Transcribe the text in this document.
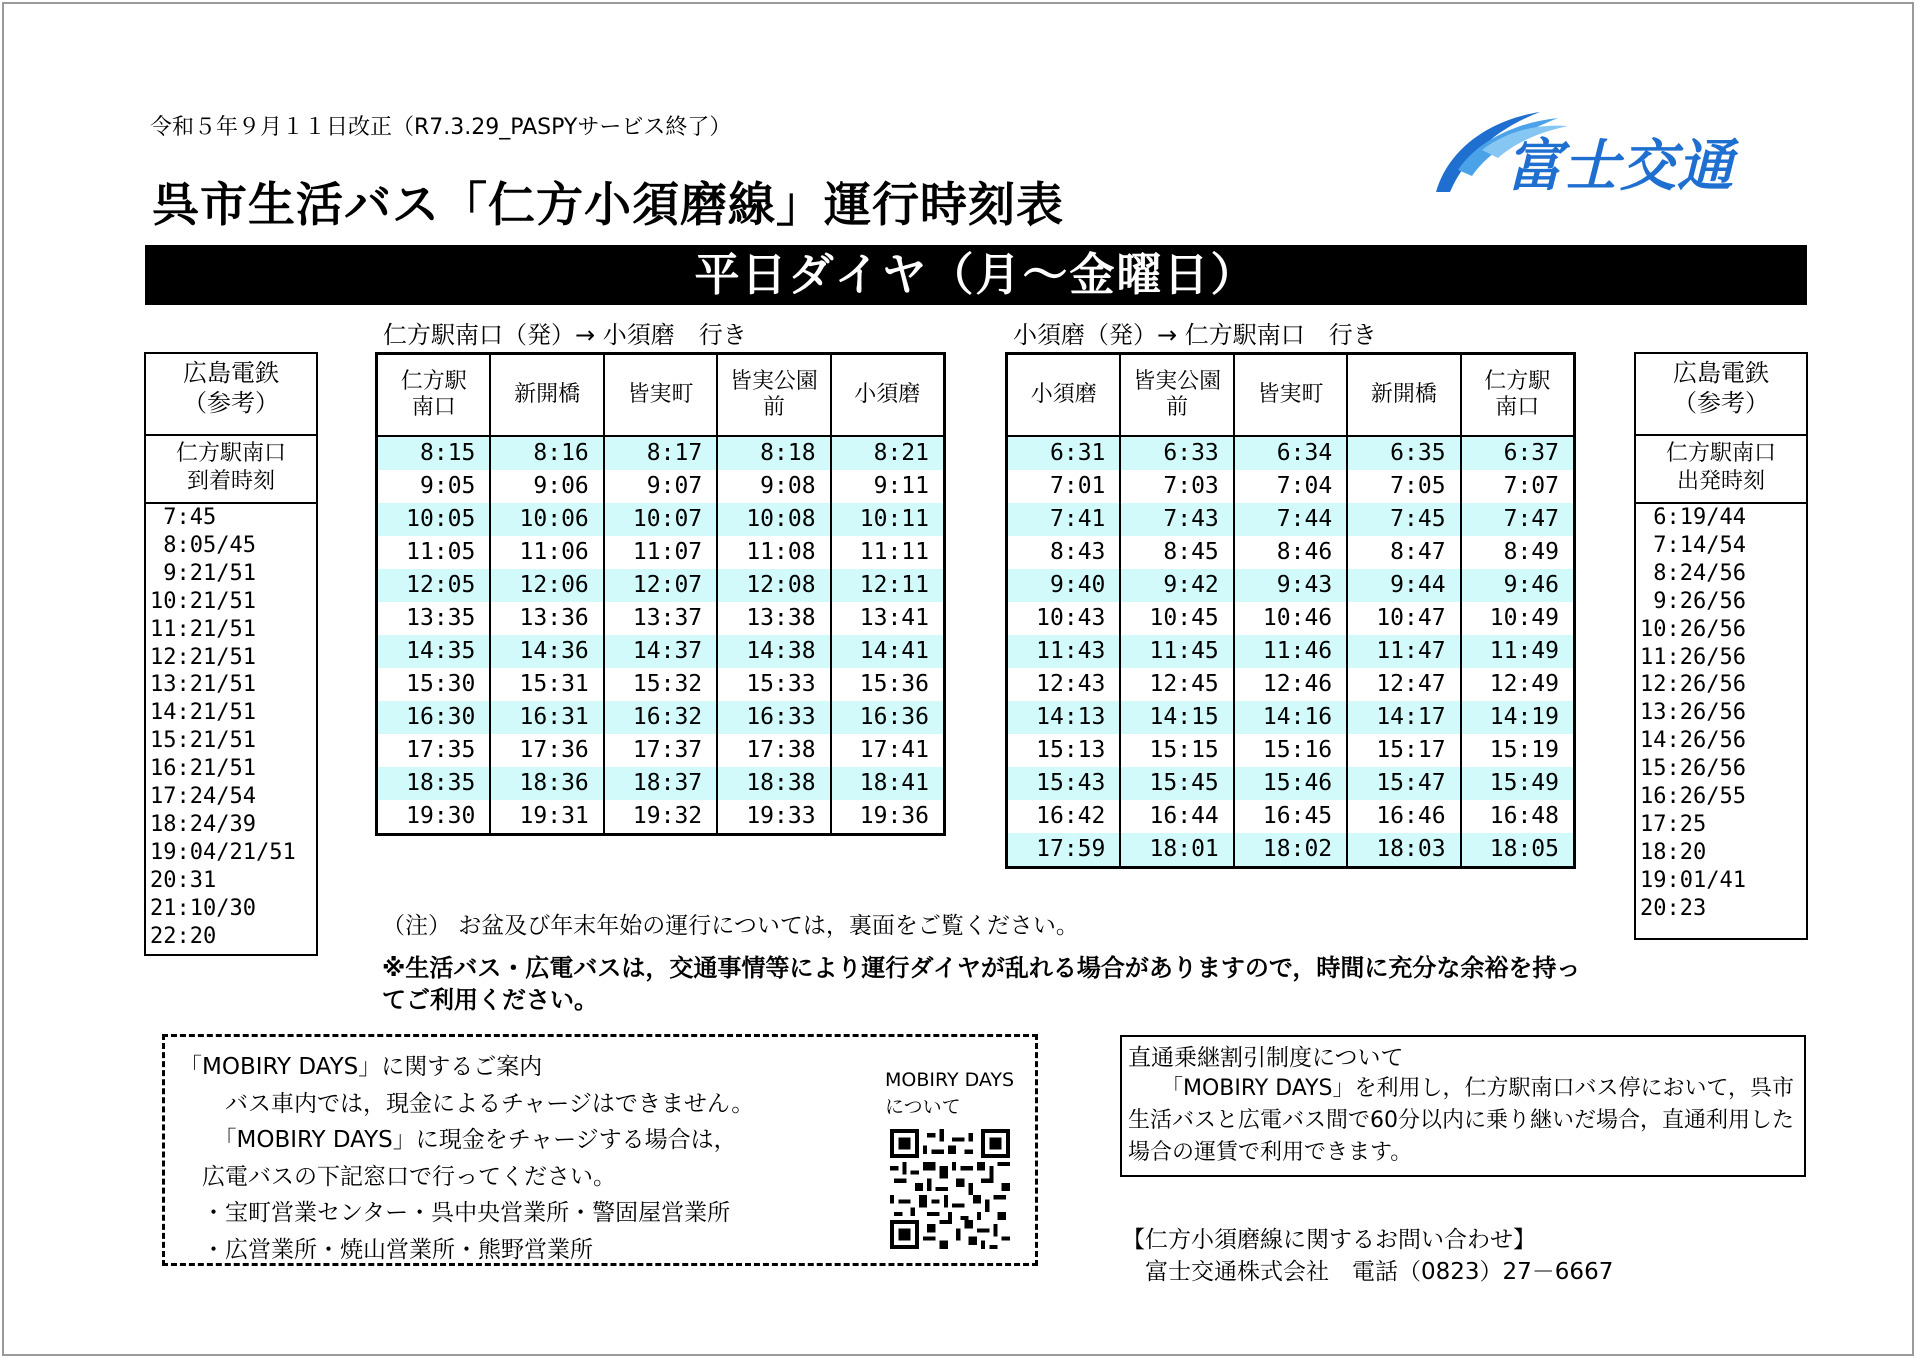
令和５年９月１１日改正（R7.3.29_PASPYサービス終了）
呉市生活バス「仁方小須磨線」運行時刻表
富士交通
平日ダイヤ（月～金曜日）
仁方駅南口（発）→ 小須磨　行き	小須磨（発）→ 仁方駅南口　行き
広島電鉄
（参考）
仁方駅南口
到着時刻
7:45
8:05/45
9:21/51
10:21/51
11:21/51
12:21/51
13:21/51
14:21/51
15:21/51
16:21/51
17:24/54
18:24/39
19:04/21/51
20:31
21:10/30
22:20
広島電鉄
（参考）
仁方駅南口
出発時刻
6:19/44
7:14/54
8:24/56
9:26/56
10:26/56
11:26/56
12:26/56
13:26/56
14:26/56
15:26/56
16:26/55
17:25
18:20
19:01/41
20:23
仁方駅
南口	新開橋	皆実町	皆実公園
前	小須磨
8:15	8:16	8:17	8:18	8:21
9:05	9:06	9:07	9:08	9:11
10:05	10:06	10:07	10:08	10:11
11:05	11:06	11:07	11:08	11:11
12:05	12:06	12:07	12:08	12:11
13:35	13:36	13:37	13:38	13:41
14:35	14:36	14:37	14:38	14:41
15:30	15:31	15:32	15:33	15:36
16:30	16:31	16:32	16:33	16:36
17:35	17:36	17:37	17:38	17:41
18:35	18:36	18:37	18:38	18:41
19:30	19:31	19:32	19:33	19:36
小須磨	皆実公園
前	皆実町	新開橋	仁方駅
南口
6:31	6:33	6:34	6:35	6:37
7:01	7:03	7:04	7:05	7:07
7:41	7:43	7:44	7:45	7:47
8:43	8:45	8:46	8:47	8:49
9:40	9:42	9:43	9:44	9:46
10:43	10:45	10:46	10:47	10:49
11:43	11:45	11:46	11:47	11:49
12:43	12:45	12:46	12:47	12:49
14:13	14:15	14:16	14:17	14:19
15:13	15:15	15:16	15:17	15:19
15:43	15:45	15:46	15:47	15:49
16:42	16:44	16:45	16:46	16:48
17:59	18:01	18:02	18:03	18:05
（注） お盆及び年末年始の運行については，裏面をご覧ください。
※生活バス・広電バスは，交通事情等により運行ダイヤが乱れる場合がありますので，時間に充分な余裕を持ってご利用ください。
「MOBIRY DAYS」に関するご案内
　　バス車内では，現金によるチャージはできません。
　　「MOBIRY DAYS」に現金をチャージする場合は，
　広電バスの下記窓口で行ってください。
　・宝町営業センター・呉中央営業所・警固屋営業所
　・広営業所・焼山営業所・熊野営業所
MOBIRY DAYS
について
直通乗継割引制度について
　　「MOBIRY DAYS」を利用し，仁方駅南口バス停において，呉市生活バスと広電バス間で60分以内に乗り継いだ場合，直通利用した場合の運賃で利用できます。
【仁方小須磨線に関するお問い合わせ】
　富士交通株式会社　電話（0823）27－6667
